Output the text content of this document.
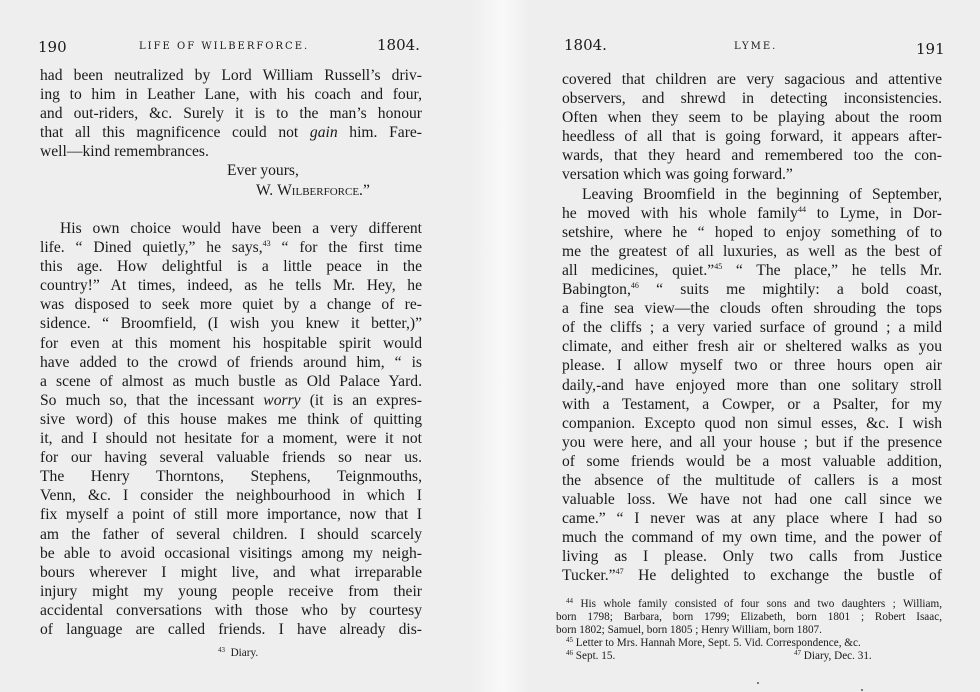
190	LIFE OF WILBERFORCE.	1804.
had been neutralized by Lord William Russell’s driv-
ing to him in Leather Lane, with his coach and four,
and out-riders, &c. Surely it is to the man’s honour
that all this magnificence could not gain him. Fare-
well—kind remembrances.
Ever yours,
W. Wilberforce.”
His own choice would have been a very different
life. “ Dined quietly,” he says,$^{43}$ “ for the first time
this age. How delightful is a little peace in the
country!” At times, indeed, as he tells Mr. Hey, he
was disposed to seek more quiet by a change of re-
sidence. “ Broomfield, (I wish you knew it better,)”
for even at this moment his hospitable spirit would
have added to the crowd of friends around him, “ is
a scene of almost as much bustle as Old Palace Yard.
So much so, that the incessant worry (it is an expres-
sive word) of this house makes me think of quitting
it, and I should not hesitate for a moment, were it not
for our having several valuable friends so near us.
The Henry Thorntons, Stephens, Teignmouths,
Venn, &c. I consider the neighbourhood in which I
fix myself a point of still more importance, now that I
am the father of several children. I should scarcely
be able to avoid occasional visitings among my neigh-
bours wherever I might live, and what irreparable
injury might my young people receive from their
accidental conversations with those who by courtesy
of language are called friends. I have already dis-
$^{43}$ Diary.
1804.	LYME.	191
covered that children are very sagacious and attentive
observers, and shrewd in detecting inconsistencies.
Often when they seem to be playing about the room
heedless of all that is going forward, it appears after-
wards, that they heard and remembered too the con-
versation which was going forward.”
Leaving Broomfield in the beginning of September,
he moved with his whole family$^{44}$ to Lyme, in Dor-
setshire, where he “ hoped to enjoy something of to
me the greatest of all luxuries, as well as the best of
all medicines, quiet.”$^{45}$ “ The place,” he tells Mr.
Babington,$^{46}$ “ suits me mightily: a bold coast,
a fine sea view—the clouds often shrouding the tops
of the cliffs ; a very varied surface of ground ; a mild
climate, and either fresh air or sheltered walks as you
please. I allow myself two or three hours open air
daily,-and have enjoyed more than one solitary stroll
with a Testament, a Cowper, or a Psalter, for my
companion. Excepto quod non simul esses, &c. I wish
you were here, and all your house ; but if the presence
of some friends would be a most valuable addition,
the absence of the multitude of callers is a most
valuable loss. We have not had one call since we
came.” “ I never was at any place where I had so
much the command of my own time, and the power of
living as I please. Only two calls from Justice
Tucker.”$^{47}$ He delighted to exchange the bustle of
$^{44}$ His whole family consisted of four sons and two daughters ; William,
born 1798; Barbara, born 1799; Elizabeth, born 1801 ; Robert Isaac,
born 1802; Samuel, born 1805 ; Henry William, born 1807.
$^{45}$ Letter to Mrs. Hannah More, Sept. 5. Vid. Correspondence, &c.
$^{46}$ Sept. 15.	$^{47}$ Diary, Dec. 31.
